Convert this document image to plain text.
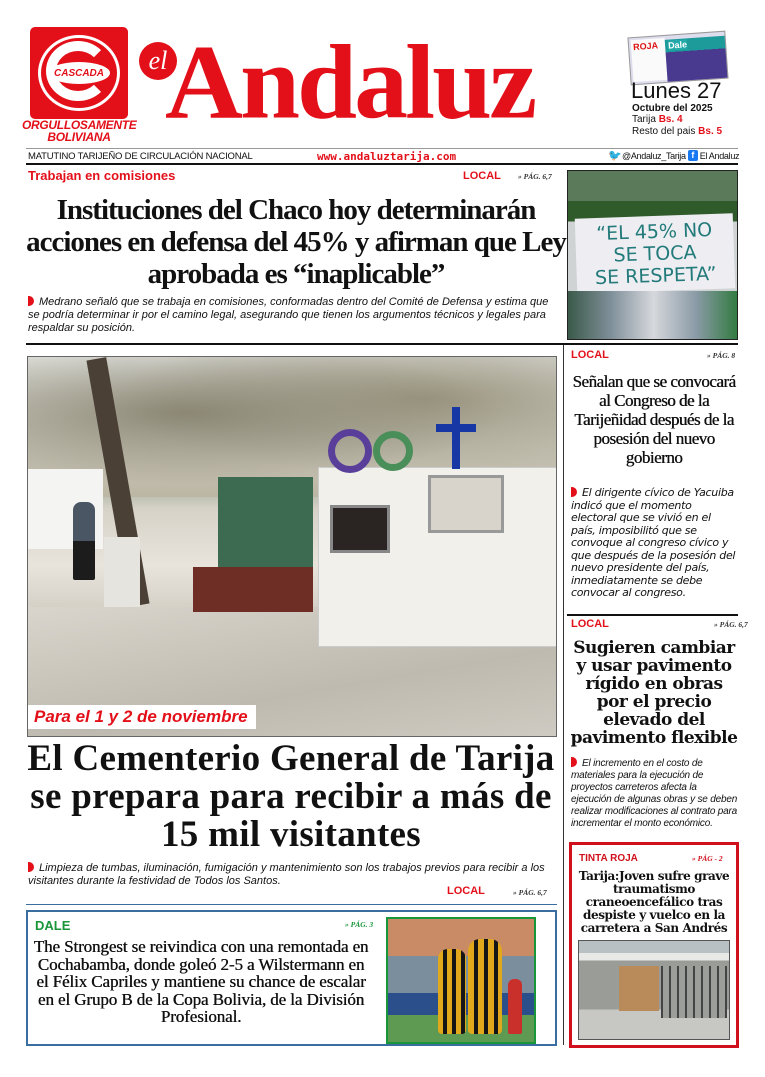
CASCADA
ORGULLOSAMENTE
BOLIVIANA
el
Andaluz	ROJA Dale
Lunes 27
Octubre del 2025
Tarija Bs. 4
Resto del pais Bs. 5
MATUTINO TARIJEÑO DE CIRCULACIÓN NACIONAL	www.andaluztarija.com	🐦 @Andaluz_Tarija f El Andaluz
Trabajan en comisiones	LOCAL » PÁG. 6,7
Instituciones del Chaco hoy determinarán acciones en defensa del 45% y afirman que Ley aprobada es “inaplicable”
Medrano señaló que se trabaja en comisiones, conformadas dentro del Comité de Defensa y estima que se podría determinar ir por el camino legal, asegurando que tienen los argumentos técnicos y legales para respaldar su posición.
“EL 45% NO
SE TOCA
SE RESPETA”
Para el 1 y 2 de noviembre
El Cementerio General de Tarija se prepara para recibir a más de 15 mil visitantes
Limpieza de tumbas, iluminación, fumigación y mantenimiento son los trabajos previos para recibir a los visitantes durante la festividad de Todos los Santos.
LOCAL	» PÁG. 6,7
LOCAL	» PÁG. 8
Señalan que se convocará al Congreso de la Tarijeñidad después de la posesión del nuevo gobierno
El dirigente cívico de Yacuiba indicó que el momento electoral que se vivió en el país, imposibilitó que se convoque al congreso cívico y que después de la posesión del nuevo presidente del país, inmediatamente se debe convocar al congreso.
LOCAL	» PÁG. 6,7
Sugieren cambiar y usar pavimento rígido en obras por el precio elevado del pavimento flexible
El incremento en el costo de materiales para la ejecución de proyectos carreteros afecta la ejecución de algunas obras y se deben realizar modificaciones al contrato para incrementar el monto económico.
TINTA ROJA	» PÁG - 2
Tarija:Joven sufre grave traumatismo craneoencefálico tras despiste y vuelco en la carretera a San Andrés
DALE	» PÁG. 3
The Strongest se reivindica con una remontada en Cochabamba, donde goleó 2-5 a Wilstermann en el Félix Capriles y mantiene su chance de escalar en el Grupo B de la Copa Bolivia, de la División Profesional.
